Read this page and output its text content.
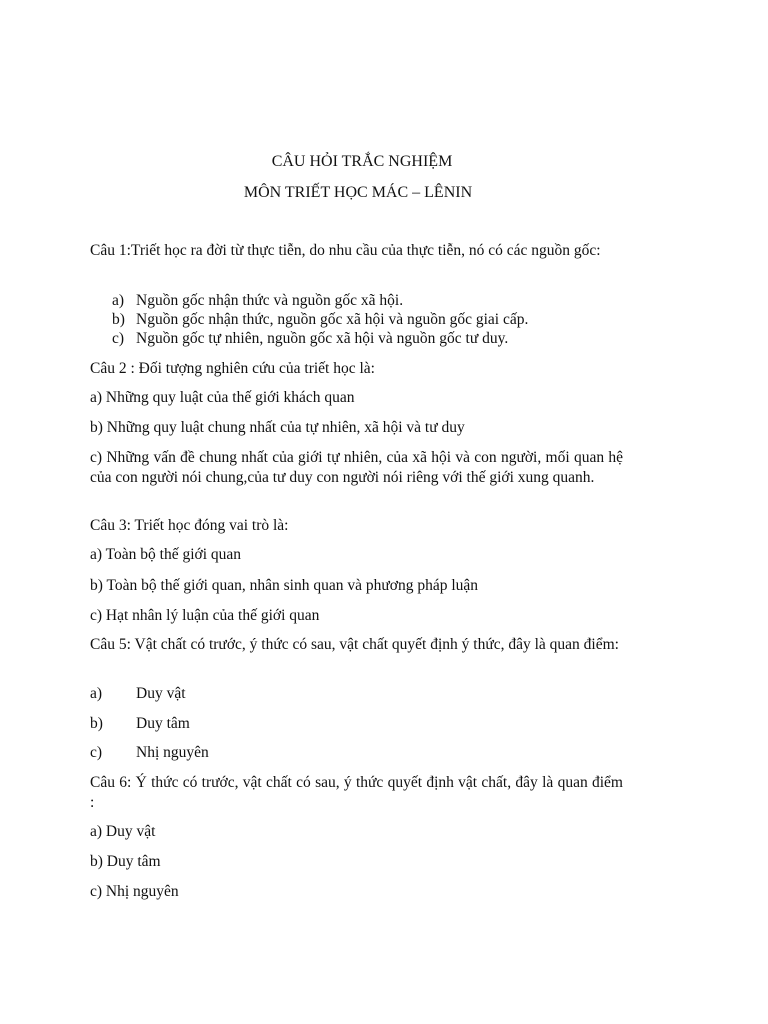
CÂU HỎI TRẮC NGHIỆM
MÔN TRIẾT HỌC MÁC – LÊNIN
Câu 1:Triết học ra đời từ thực tiễn, do nhu cầu của thực tiễn, nó có các nguồn gốc:
a) Nguồn gốc nhận thức và nguồn gốc xã hội.
b) Nguồn gốc nhận thức, nguồn gốc xã hội và nguồn gốc giai cấp.
c) Nguồn gốc tự nhiên, nguồn gốc xã hội và nguồn gốc tư duy.
Câu 2 : Đối tượng nghiên cứu của triết học là:
a) Những quy luật của thế giới khách quan
b) Những quy luật chung nhất của tự nhiên, xã hội và tư duy
c) Những vấn đề chung nhất của giới tự nhiên, của xã hội và con người, mối quan hệ của con người nói chung,của tư duy con người nói riêng với thế giới xung quanh.
Câu 3: Triết học đóng vai trò là:
a) Toàn bộ thế giới quan
b) Toàn bộ thế giới quan, nhân sinh quan và phương pháp luận
c) Hạt nhân lý luận của thế giới quan
Câu 5: Vật chất có trước, ý thức có sau, vật chất quyết định ý thức, đây là quan điểm:
a) Duy vật
b) Duy tâm
c) Nhị nguyên
Câu 6: Ý thức có trước, vật chất có sau, ý thức quyết định vật chất, đây là quan điểm :
a) Duy vật
b) Duy tâm
c) Nhị nguyên
